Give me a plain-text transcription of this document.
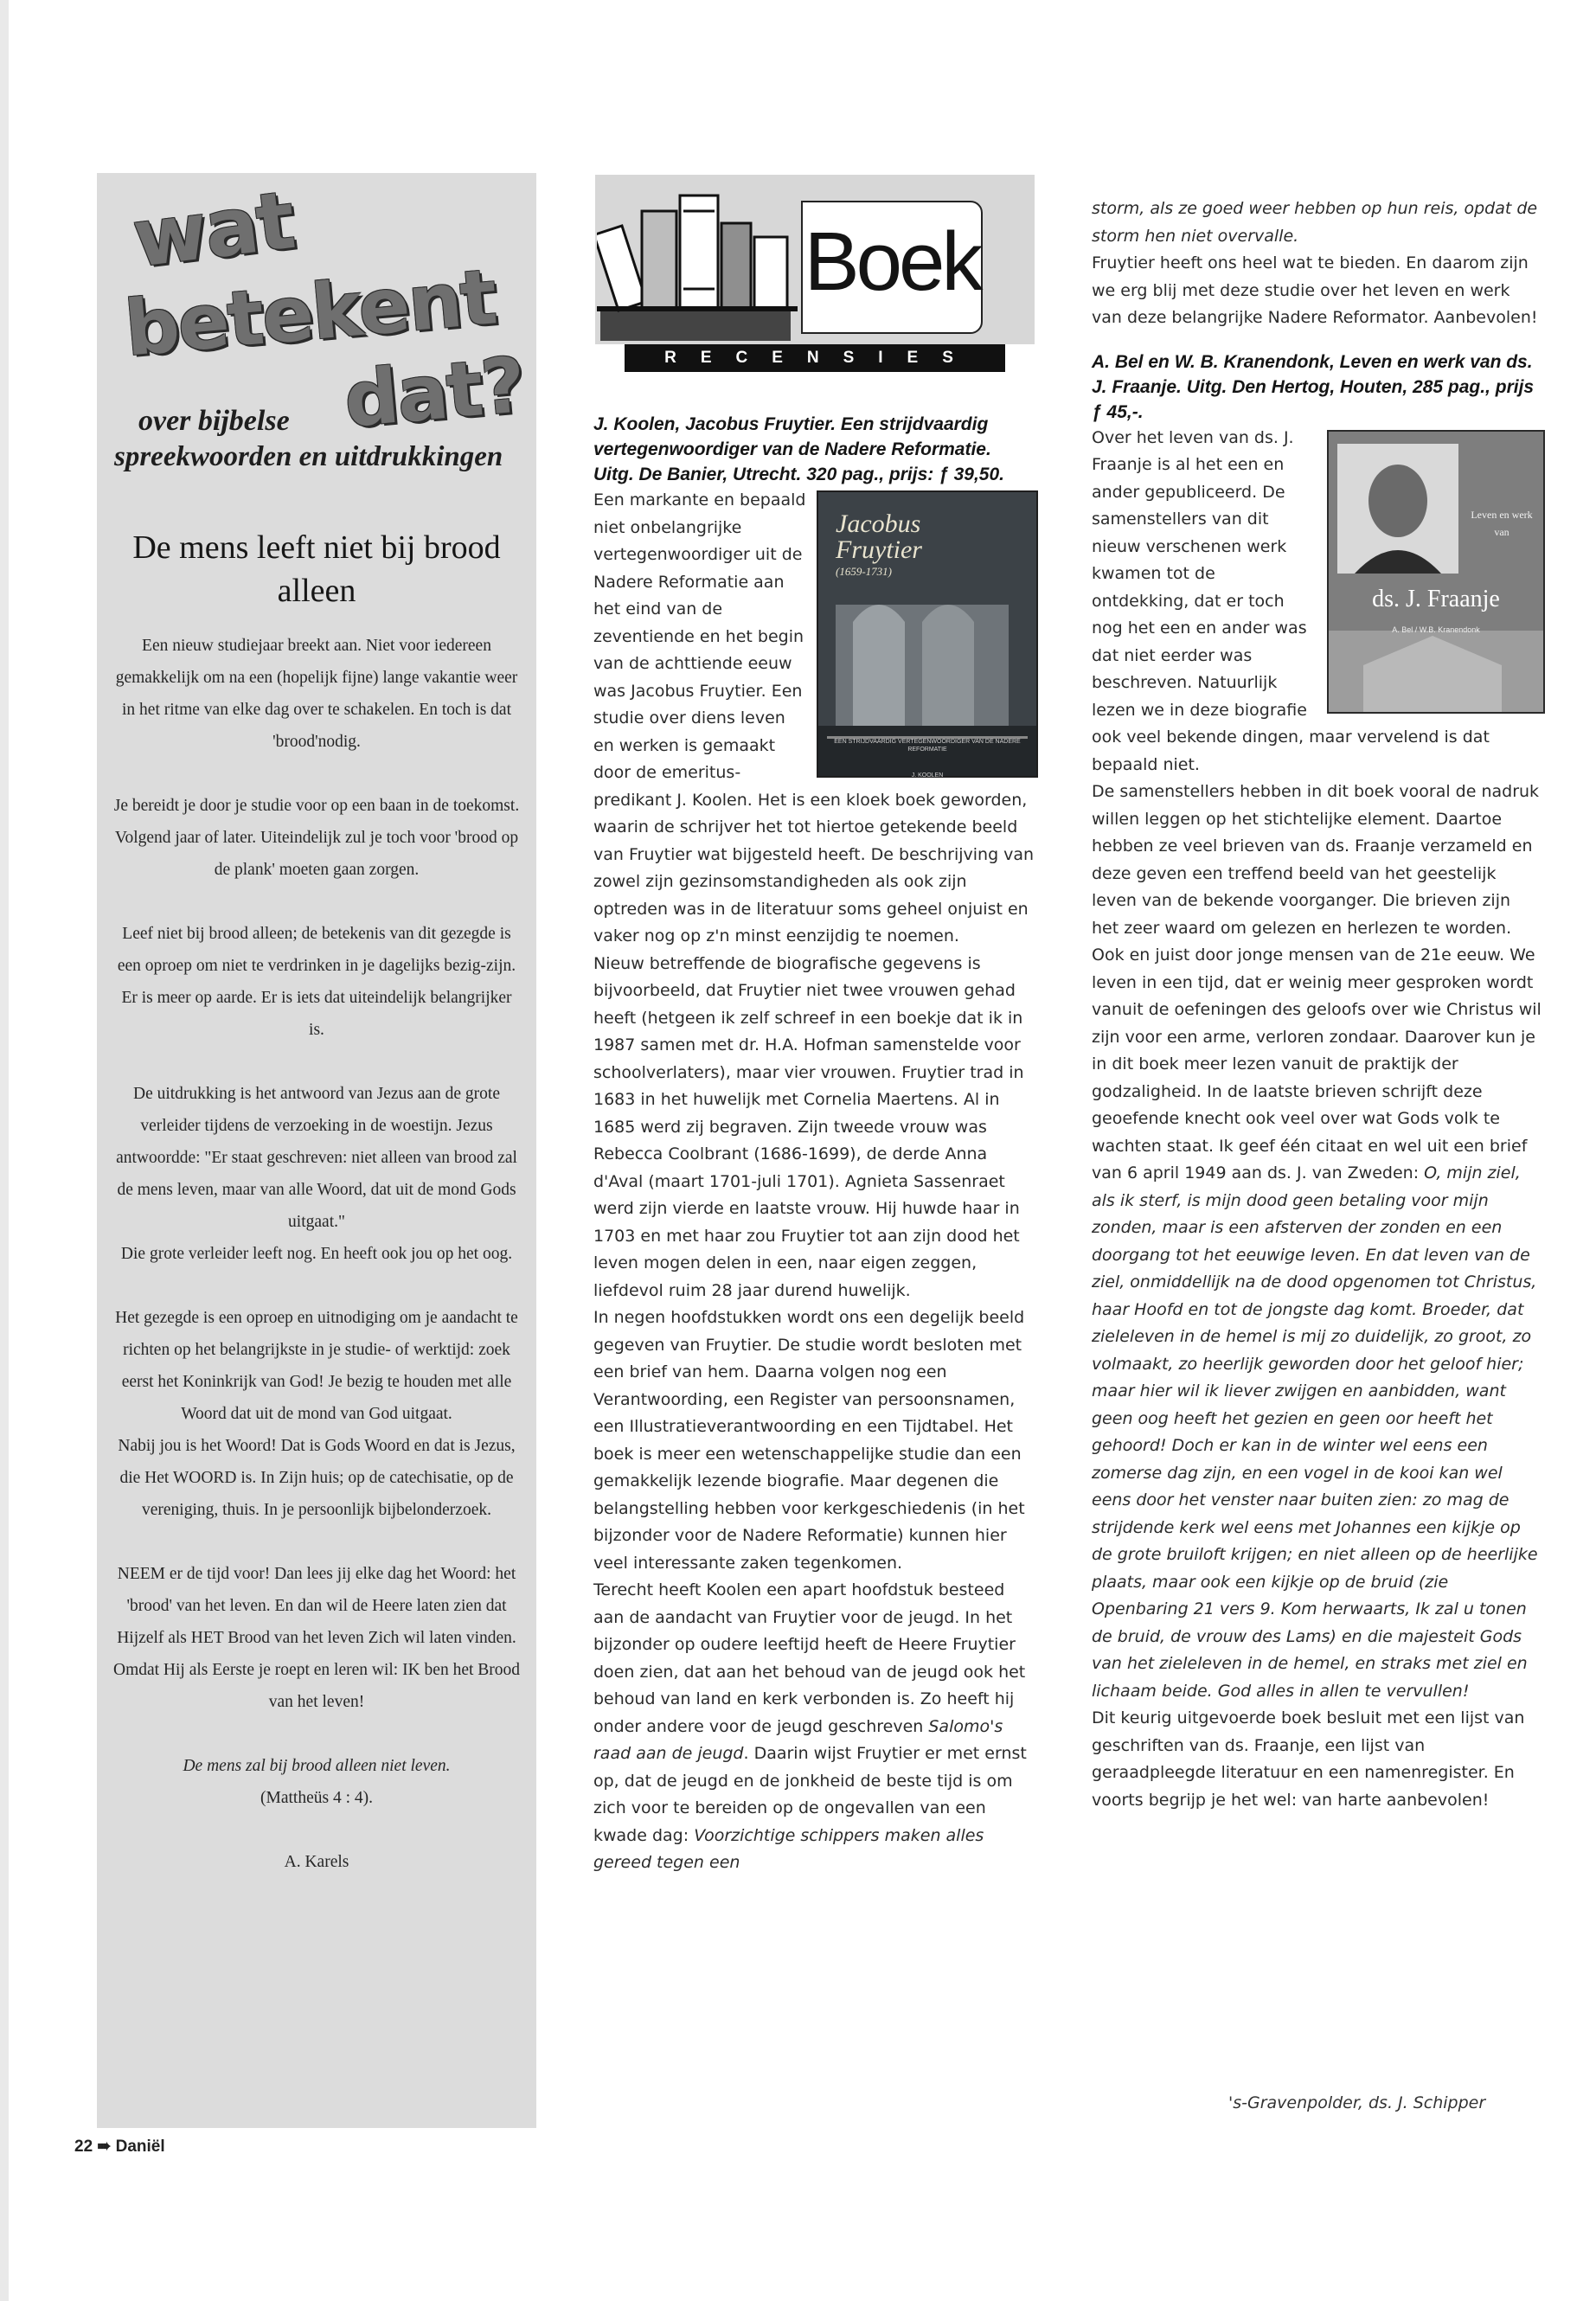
wat
betekent
dat?
over bijbelse
spreekwoorden en uitdrukkingen
De mens leeft niet bij brood alleen

Een nieuw studiejaar breekt aan. Niet voor iedereen gemakkelijk om na een (hopelijk fijne) lange vakantie weer in het ritme van elke dag over te schakelen. En toch is dat 'brood'nodig.

Je bereidt je door je studie voor op een baan in de toekomst. Volgend jaar of later. Uiteindelijk zul je toch voor 'brood op de plank' moeten gaan zorgen.

Leef niet bij brood alleen; de betekenis van dit gezegde is een oproep om niet te verdrinken in je dagelijks bezig-zijn. Er is meer op aarde. Er is iets dat uiteindelijk belangrijker is.

De uitdrukking is het antwoord van Jezus aan de grote verleider tijdens de verzoeking in de woestijn. Jezus antwoordde: "Er staat geschreven: niet alleen van brood zal de mens leven, maar van alle Woord, dat uit de mond Gods uitgaat."

Die grote verleider leeft nog. En heeft ook jou op het oog.

Het gezegde is een oproep en uitnodiging om je aandacht te richten op het belangrijkste in je studie- of werktijd: zoek eerst het Koninkrijk van God! Je bezig te houden met alle Woord dat uit de mond van God uitgaat.

Nabij jou is het Woord! Dat is Gods Woord en dat is Jezus, die Het WOORD is. In Zijn huis; op de catechisatie, op de vereniging, thuis. In je persoonlijk bijbelonderzoek.

NEEM er de tijd voor! Dan lees jij elke dag het Woord: het 'brood' van het leven. En dan wil de Heere laten zien dat Hijzelf als HET Brood van het leven Zich wil laten vinden. Omdat Hij als Eerste je roept en leren wil: IK ben het Brood van het leven!

De mens zal bij brood alleen niet leven.

(Mattheüs 4 : 4).

A. Karels

22 ➠ Daniël
Boek
RECENSIES

J. Koolen, Jacobus Fruytier. Een strijdvaardig vertegenwoordiger van de Nadere Reformatie. Uitg. De Banier, Utrecht. 320 pag., prijs: ƒ 39,50.

Jacobus
Fruytier
(1659-1731)
EEN STRIJDVAARDIG VERTEGENWOORDIGER VAN DE NADERE REFORMATIE
J. KOOLEN

Een markante en bepaald niet onbelangrijke vertegenwoordiger uit de Nadere Reformatie aan het eind van de zeventiende en het begin van de achttiende eeuw was Jacobus Fruytier. Een studie over diens leven en werken is gemaakt door de emeritus-predikant J. Koolen. Het is een kloek boek geworden, waarin de schrijver het tot hiertoe getekende beeld van Fruytier wat bijgesteld heeft. De beschrijving van zowel zijn gezinsomstandigheden als ook zijn optreden was in de literatuur soms geheel onjuist en vaker nog op z'n minst eenzijdig te noemen.

Nieuw betreffende de biografische gegevens is bijvoorbeeld, dat Fruytier niet twee vrouwen gehad heeft (hetgeen ik zelf schreef in een boekje dat ik in 1987 samen met dr. H.A. Hofman samenstelde voor schoolverlaters), maar vier vrouwen. Fruytier trad in 1683 in het huwelijk met Cornelia Maertens. Al in 1685 werd zij begraven. Zijn tweede vrouw was Rebecca Coolbrant (1686-1699), de derde Anna d'Aval (maart 1701-juli 1701). Agnieta Sassenraet werd zijn vierde en laatste vrouw. Hij huwde haar in 1703 en met haar zou Fruytier tot aan zijn dood het leven mogen delen in een, naar eigen zeggen, liefdevol ruim 28 jaar durend huwelijk.

In negen hoofdstukken wordt ons een degelijk beeld gegeven van Fruytier. De studie wordt besloten met een brief van hem. Daarna volgen nog een Verantwoording, een Register van persoonsnamen, een Illustratieverantwoording en een Tijdtabel. Het boek is meer een wetenschappelijke studie dan een gemakkelijk lezende biografie. Maar degenen die belangstelling hebben voor kerkgeschiedenis (in het bijzonder voor de Nadere Reformatie) kunnen hier veel interessante zaken tegenkomen.

Terecht heeft Koolen een apart hoofdstuk besteed aan de aandacht van Fruytier voor de jeugd. In het bijzonder op oudere leeftijd heeft de Heere Fruytier doen zien, dat aan het behoud van de jeugd ook het behoud van land en kerk verbonden is. Zo heeft hij onder andere voor de jeugd geschreven Salomo's raad aan de jeugd. Daarin wijst Fruytier er met ernst op, dat de jeugd en de jonkheid de beste tijd is om zich voor te bereiden op de ongevallen van een kwade dag: Voorzichtige schippers maken alles gereed tegen een

storm, als ze goed weer hebben op hun reis, opdat de storm hen niet overvalle.

Fruytier heeft ons heel wat te bieden. En daarom zijn we erg blij met deze studie over het leven en werk van deze belangrijke Nadere Reformator. Aanbevolen!

A. Bel en W. B. Kranendonk, Leven en werk van ds. J. Fraanje. Uitg. Den Hertog, Houten, 285 pag., prijs ƒ 45,-.

Leven en werk van
ds. J. Fraanje
A. Bel / W.B. Kranendonk

Over het leven van ds. J. Fraanje is al het een en ander gepubliceerd. De samenstellers van dit nieuw verschenen werk kwamen tot de ontdekking, dat er toch nog het een en ander was dat niet eerder was beschreven. Natuurlijk lezen we in deze biografie ook veel bekende dingen, maar vervelend is dat bepaald niet.

De samenstellers hebben in dit boek vooral de nadruk willen leggen op het stichtelijke element. Daartoe hebben ze veel brieven van ds. Fraanje verzameld en deze geven een treffend beeld van het geestelijk leven van de bekende voorganger. Die brieven zijn het zeer waard om gelezen en herlezen te worden. Ook en juist door jonge mensen van de 21e eeuw. We leven in een tijd, dat er weinig meer gesproken wordt vanuit de oefeningen des geloofs over wie Christus wil zijn voor een arme, verloren zondaar. Daarover kun je in dit boek meer lezen vanuit de praktijk der godzaligheid. In de laatste brieven schrijft deze geoefende knecht ook veel over wat Gods volk te wachten staat. Ik geef één citaat en wel uit een brief van 6 april 1949 aan ds. J. van Zweden: O, mijn ziel, als ik sterf, is mijn dood geen betaling voor mijn zonden, maar is een afsterven der zonden en een doorgang tot het eeuwige leven. En dat leven van de ziel, onmiddellijk na de dood opgenomen tot Christus, haar Hoofd en tot de jongste dag komt. Broeder, dat zieleleven in de hemel is mij zo duidelijk, zo groot, zo volmaakt, zo heerlijk geworden door het geloof hier; maar hier wil ik liever zwijgen en aanbidden, want geen oog heeft het gezien en geen oor heeft het gehoord! Doch er kan in de winter wel eens een zomerse dag zijn, en een vogel in de kooi kan wel eens door het venster naar buiten zien: zo mag de strijdende kerk wel eens met Johannes een kijkje op de grote bruiloft krijgen; en niet alleen op de heerlijke plaats, maar ook een kijkje op de bruid (zie Openbaring 21 vers 9. Kom herwaarts, Ik zal u tonen de bruid, de vrouw des Lams) en die majesteit Gods van het zieleleven in de hemel, en straks met ziel en lichaam beide. God alles in allen te vervullen!

Dit keurig uitgevoerde boek besluit met een lijst van geschriften van ds. Fraanje, een lijst van geraadpleegde literatuur en een namenregister. En voorts begrijp je het wel: van harte aanbevolen!

's-Gravenpolder, ds. J. Schipper
